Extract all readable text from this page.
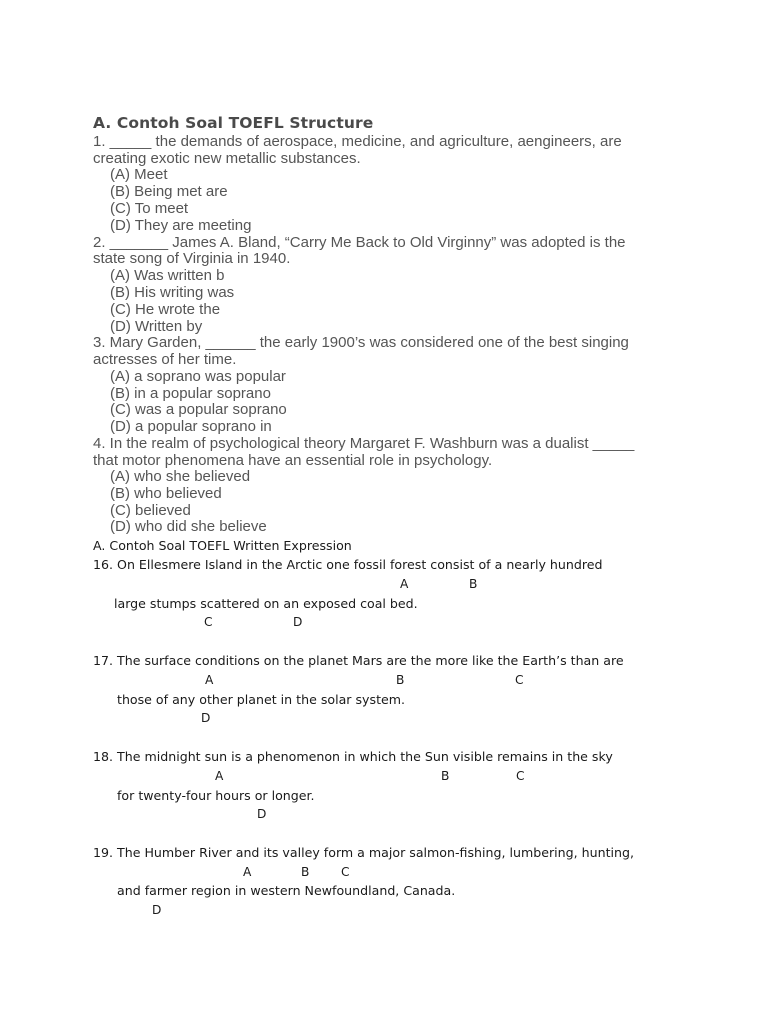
A. Contoh Soal TOEFL Structure
1. _____ the demands of aerospace, medicine, and agriculture, aengineers, are
creating exotic new metallic substances.
(A) Meet
(B) Being met are
(C) To meet
(D) They are meeting
2. _______ James A. Bland, “Carry Me Back to Old Virginny” was adopted is the
state song of Virginia in 1940.
(A) Was written b
(B) His writing was
(C) He wrote the
(D) Written by
3. Mary Garden, ______ the early 1900’s was considered one of the best singing
actresses of her time.
(A) a soprano was popular
(B) in a popular soprano
(C) was a popular soprano
(D) a popular soprano in
4. In the realm of psychological theory Margaret F. Washburn was a dualist _____
that motor phenomena have an essential role in psychology.
(A) who she believed
(B) who believed
(C) believed
(D) who did she believe
A. Contoh Soal TOEFL Written Expression
16. On Ellesmere Island in the Arctic one fossil forest consist of a nearly hundred
A	B
large stumps scattered on an exposed coal bed.
C	D
17. The surface conditions on the planet Mars are the more like the Earth’s than are
A	B	C
those of any other planet in the solar system.
D
18. The midnight sun is a phenomenon in which the Sun visible remains in the sky
A	B	C
for twenty-four hours or longer.
D
19. The Humber River and its valley form a major salmon-fishing, lumbering, hunting,
A	B	C
and farmer region in western Newfoundland, Canada.
D
